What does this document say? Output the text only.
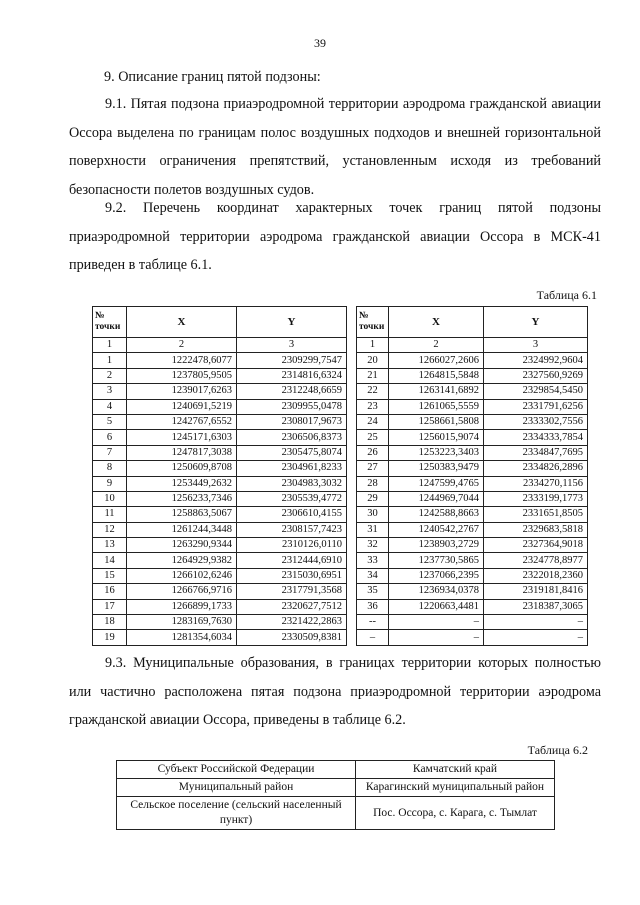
39
9. Описание границ пятой подзоны:
9.1. Пятая подзона приаэродромной территории аэродрома гражданской авиации Оссора выделена по границам полос воздушных подходов и внешней горизонтальной поверхности ограничения препятствий, установленным исходя из требований безопасности полетов воздушных судов.
9.2. Перечень координат характерных точек границ пятой подзоны приаэродромной территории аэродрома гражданской авиации Оссора в МСК-41 приведен в таблице 6.1.
Таблица 6.1
№ точки	X	Y
1	2	3
1	1222478,6077	2309299,7547
2	1237805,9505	2314816,6324
3	1239017,6263	2312248,6659
4	1240691,5219	2309955,0478
5	1242767,6552	2308017,9673
6	1245171,6303	2306506,8373
7	1247817,3038	2305475,8074
8	1250609,8708	2304961,8233
9	1253449,2632	2304983,3032
10	1256233,7346	2305539,4772
11	1258863,5067	2306610,4155
12	1261244,3448	2308157,7423
13	1263290,9344	2310126,0110
14	1264929,9382	2312444,6910
15	1266102,6246	2315030,6951
16	1266766,9716	2317791,3568
17	1266899,1733	2320627,7512
18	1283169,7630	2321422,2863
19	1281354,6034	2330509,8381
№ точки	X	Y
1	2	3
20	1266027,2606	2324992,9604
21	1264815,5848	2327560,9269
22	1263141,6892	2329854,5450
23	1261065,5559	2331791,6256
24	1258661,5808	2333302,7556
25	1256015,9074	2334333,7854
26	1253223,3403	2334847,7695
27	1250383,9479	2334826,2896
28	1247599,4765	2334270,1156
29	1244969,7044	2333199,1773
30	1242588,8663	2331651,8505
31	1240542,2767	2329683,5818
32	1238903,2729	2327364,9018
33	1237730,5865	2324778,8977
34	1237066,2395	2322018,2360
35	1236934,0378	2319181,8416
36	1220663,4481	2318387,3065
--	–	–
–	–	–
9.3. Муниципальные образования, в границах территории которых полностью или частично расположена пятая подзона приаэродромной территории аэродрома гражданской авиации Оссора, приведены в таблице 6.2.
Таблица 6.2
Субъект Российской Федерации	Камчатский край
Муниципальный район	Карагинский муниципальный район
Сельское поселение (сельский населенный пункт)	Пос. Оссора, с. Карага, с. Тымлат
